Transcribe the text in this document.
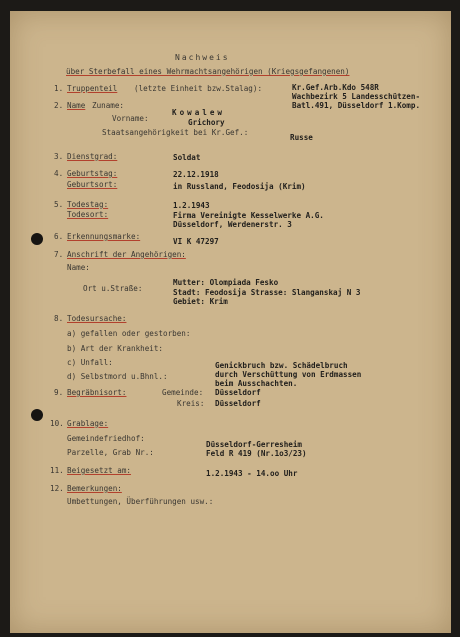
Nachweis
über Sterbefall eines Wehrmachtsangehörigen (Kriegsgefangenen)
1. Truppenteil (letzte Einheit bzw.Stalag):	Kr.Gef.Arb.Kdo 548R
Wachbezirk 5 Landesschützen-
Batl.491, Düsseldorf 1.Komp.
2. Name Zuname:
Kowalew
Vorname:	Grichory
Staatsangehörigkeit bei Kr.Gef.:
Russe
3. Dienstgrad:	Soldat
4. Geburtstag:	22.12.1918
Geburtsort:	in Russland, Feodosija (Krim)
5. Todestag:	1.2.1943
Todesort:	Firma Vereinigte Kesselwerke A.G.
Düsseldorf, Werdenerstr. 3
6. Erkennungsmarke:
VI K 47297
7. Anschrift der Angehörigen:
Name:
Mutter: Olompiada Fesko
Ort u.Straße:	Stadt: Feodosija Strasse: Slanganskaj N 3
Gebiet: Krim
8. Todesursache:
a) gefallen oder gestorben:
b) Art der Krankheit:
c) Unfall:
d) Selbstmord u.Bhnl.:
Genickbruch bzw. Schädelbruch
durch Verschüttung von Erdmassen
beim Ausschachten.
9. Begräbnisort:	Gemeinde: Düsseldorf
Kreis: Düsseldorf
10. Grablage:
Gemeindefriedhof:
Düsseldorf-Gerresheim
Parzelle, Grab Nr.:	Feld R 419 (Nr.1o3/23)
11. Beigesetzt am:	1.2.1943 - 14.oo Uhr
12. Bemerkungen:
Umbettungen, Überführungen usw.:
